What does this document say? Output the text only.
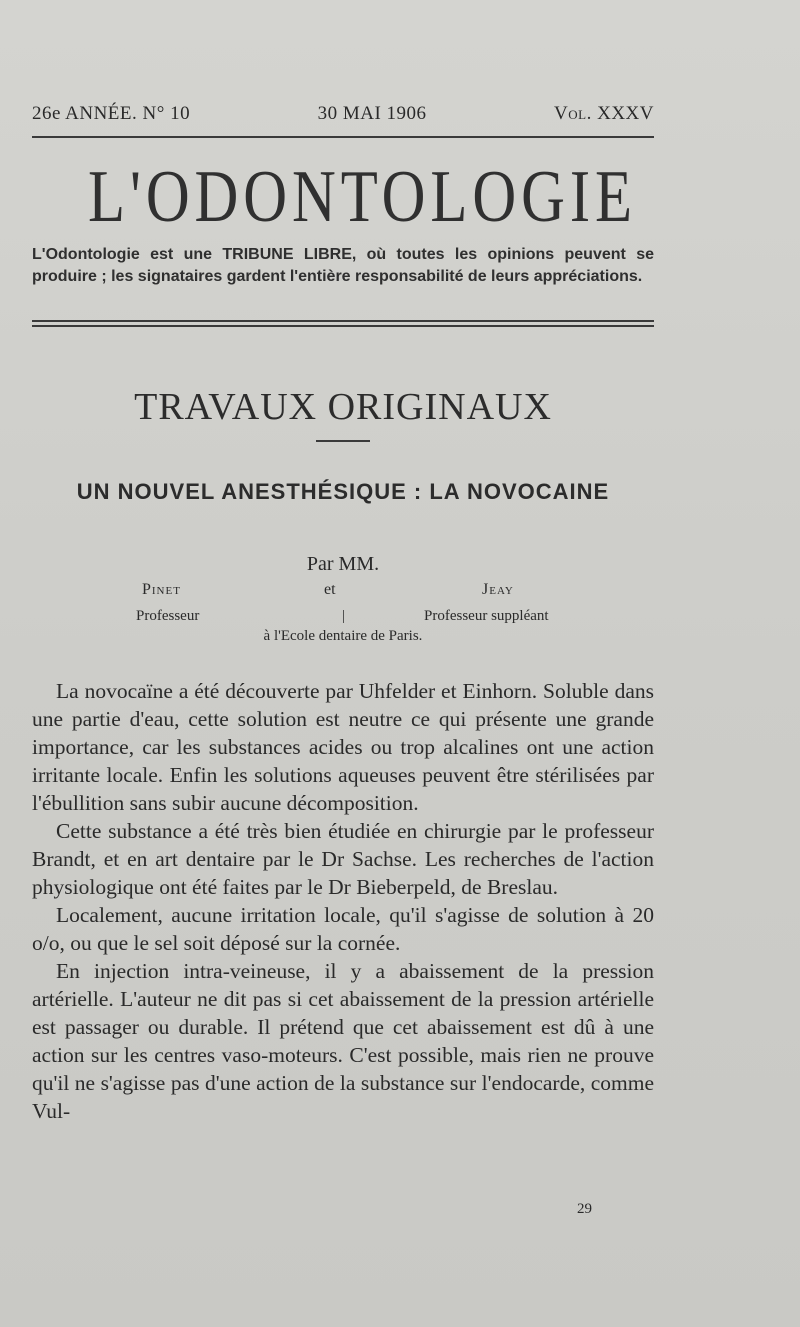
26e ANNÉE. N° 10	30 MAI 1906	Vol. XXXV
L'ODONTOLOGIE
L'Odontologie est une TRIBUNE LIBRE, où toutes les opinions peuvent se produire ; les signataires gardent l'entière responsabilité de leurs appréciations.
TRAVAUX ORIGINAUX
UN NOUVEL ANESTHÉSIQUE : LA NOVOCAINE
Par MM.
Pinet	et	Jeay
Professeur	|	Professeur suppléant
à l'Ecole dentaire de Paris.

La novocaïne a été découverte par Uhfelder et Einhorn. Soluble dans une partie d'eau, cette solution est neutre ce qui présente une grande importance, car les substances acides ou trop alcalines ont une action irritante locale. Enfin les solutions aqueuses peuvent être stérilisées par l'ébullition sans subir aucune décomposition.

Cette substance a été très bien étudiée en chirurgie par le professeur Brandt, et en art dentaire par le Dr Sachse. Les recherches de l'action physiologique ont été faites par le Dr Bieberpeld, de Breslau.

Localement, aucune irritation locale, qu'il s'agisse de solution à 20 o/o, ou que le sel soit déposé sur la cornée.

En injection intra-veineuse, il y a abaissement de la pression artérielle. L'auteur ne dit pas si cet abaissement de la pression artérielle est passager ou durable. Il prétend que cet abaissement est dû à une action sur les centres vaso-moteurs. C'est possible, mais rien ne prouve qu'il ne s'agisse pas d'une action de la substance sur l'endocarde, comme Vul-

29
